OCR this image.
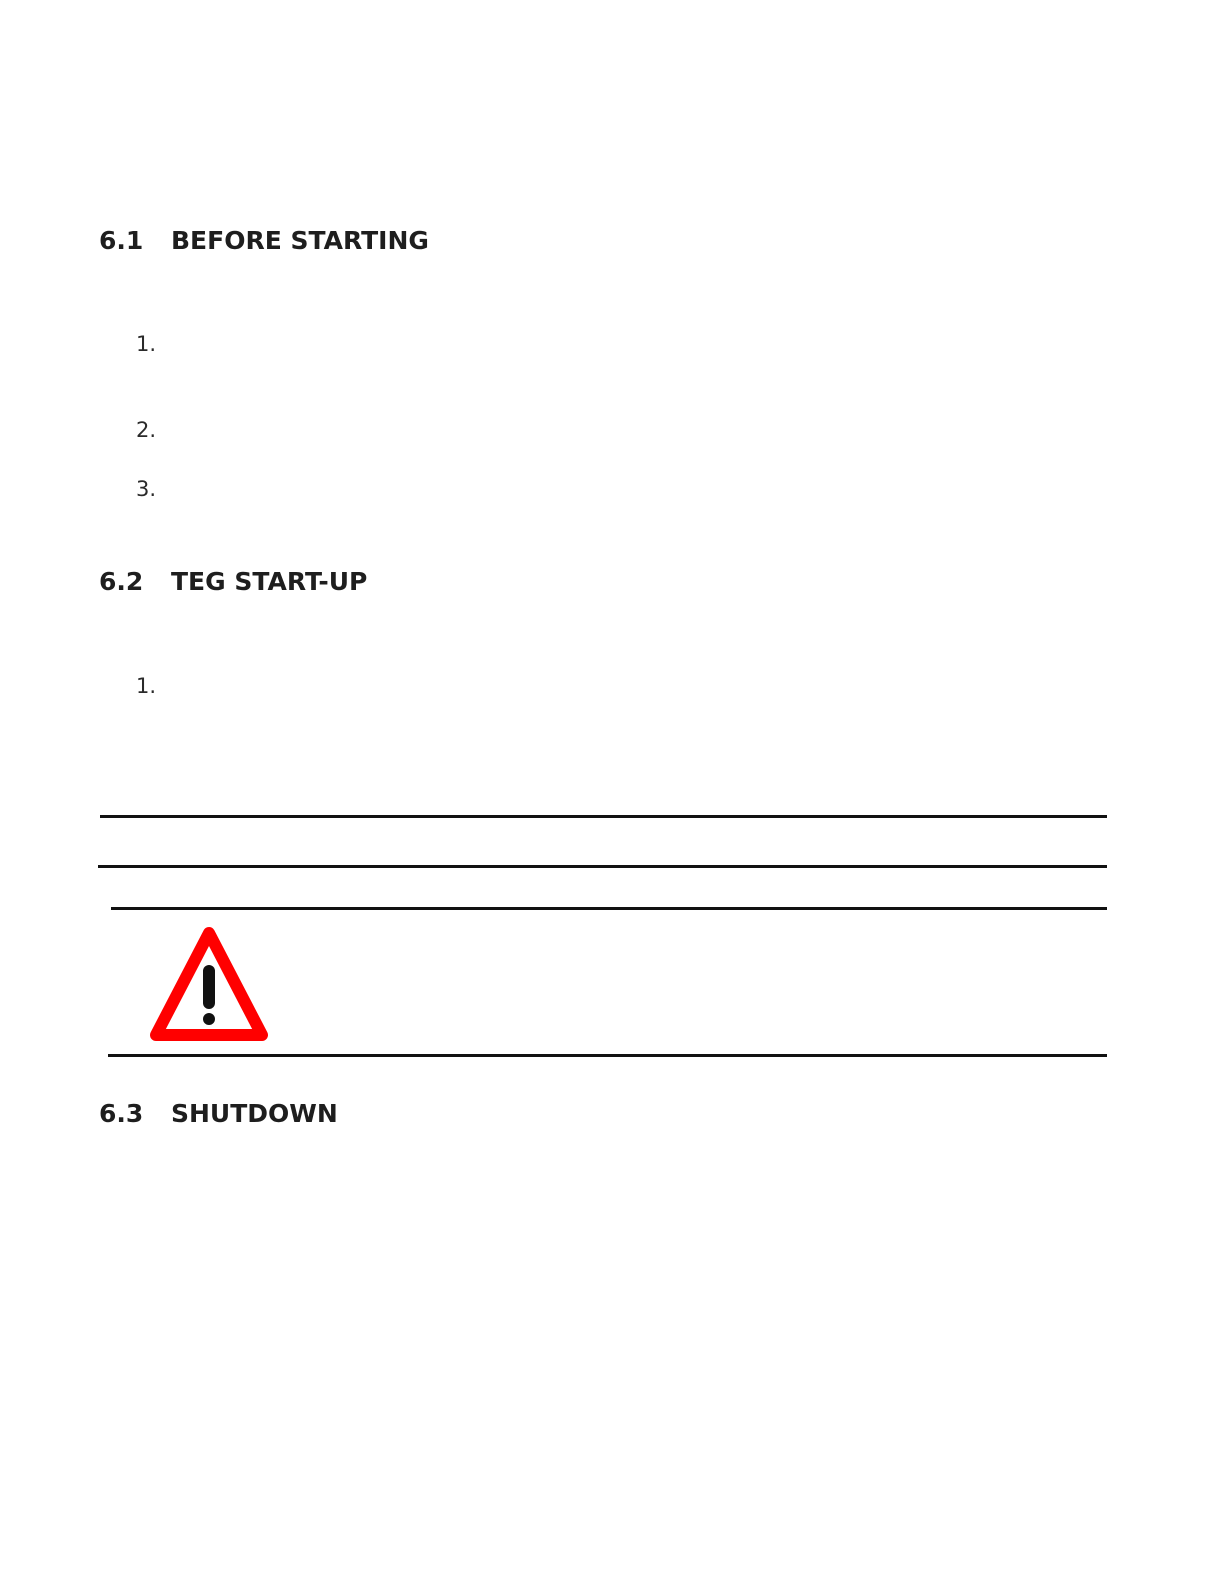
6.1 BEFORE STARTING
1.
2.
3.
6.2 TEG START-UP
1.
6.3 SHUTDOWN
